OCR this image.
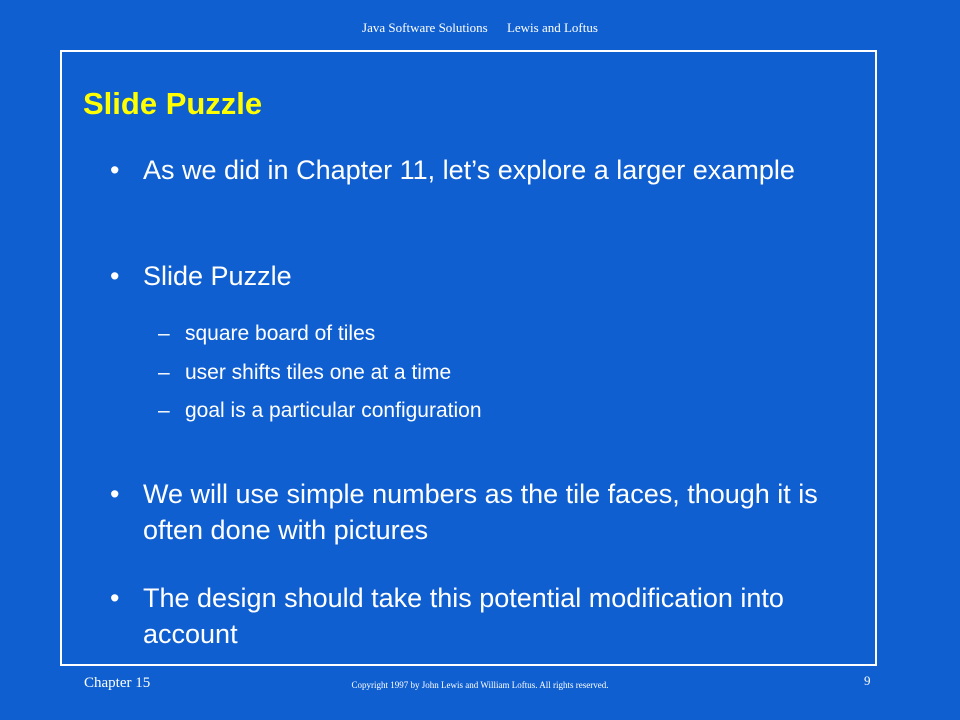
Java Software Solutions Lewis and Loftus
Slide Puzzle
• As we did in Chapter 11, let’s explore a larger example
• Slide Puzzle
– square board of tiles
– user shifts tiles one at a time
– goal is a particular configuration
• We will use simple numbers as the tile faces, though it is often done with pictures
• The design should take this potential modification into account
Chapter 15	Copyright 1997 by John Lewis and William Loftus. All rights reserved.	9
